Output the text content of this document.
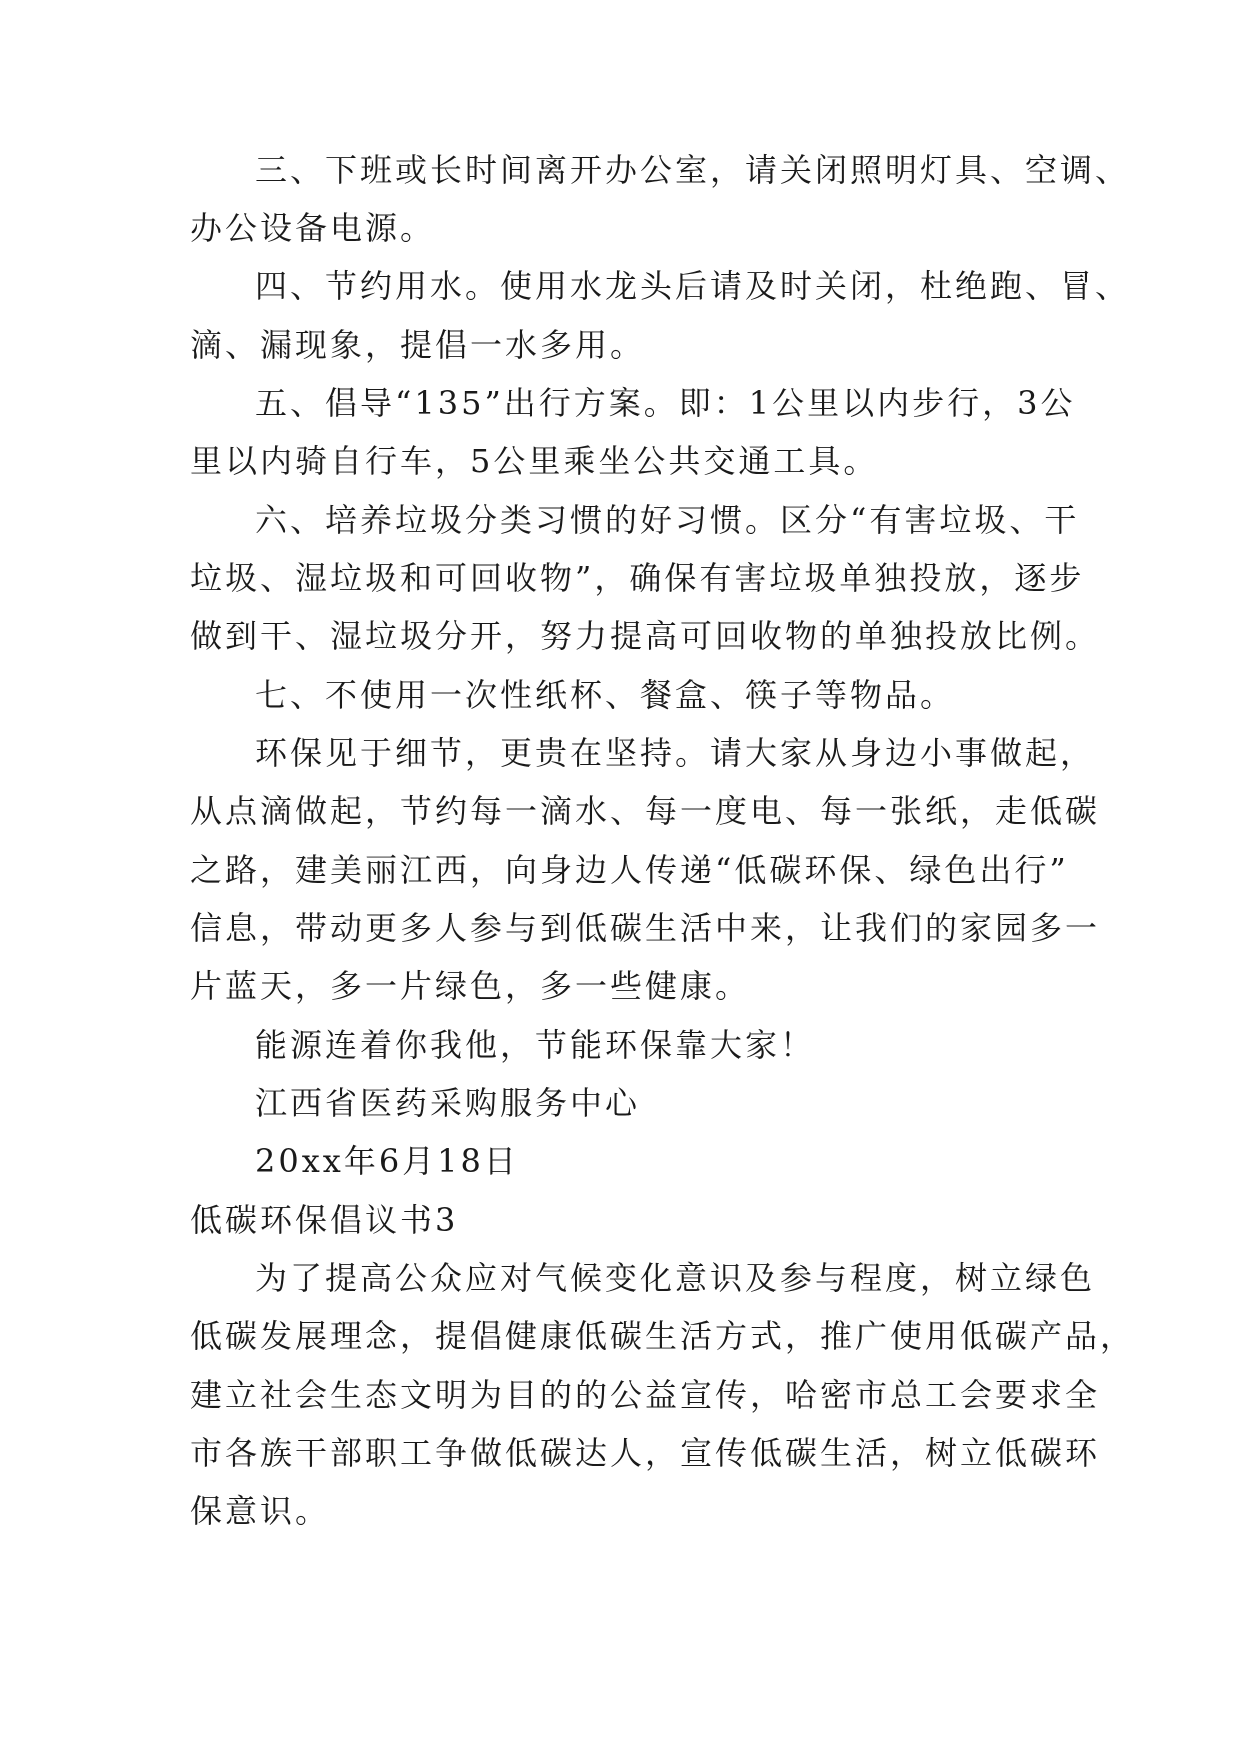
三、下班或长时间离开办公室，请关闭照明灯具、空调、

办公设备电源。

四、节约用水。使用水龙头后请及时关闭，杜绝跑、冒、

滴、漏现象，提倡一水多用。

五、倡导“135”出行方案。即：1公里以内步行，3公

里以内骑自行车，5公里乘坐公共交通工具。

六、培养垃圾分类习惯的好习惯。区分“有害垃圾、干

垃圾、湿垃圾和可回收物”，确保有害垃圾单独投放，逐步

做到干、湿垃圾分开，努力提高可回收物的单独投放比例。

七、不使用一次性纸杯、餐盒、筷子等物品。

环保见于细节，更贵在坚持。请大家从身边小事做起，

从点滴做起，节约每一滴水、每一度电、每一张纸，走低碳

之路，建美丽江西，向身边人传递“低碳环保、绿色出行”

信息，带动更多人参与到低碳生活中来，让我们的家园多一

片蓝天，多一片绿色，多一些健康。

能源连着你我他，节能环保靠大家！

江西省医药采购服务中心

20xx年6月18日

低碳环保倡议书3

为了提高公众应对气候变化意识及参与程度，树立绿色

低碳发展理念，提倡健康低碳生活方式，推广使用低碳产品，

建立社会生态文明为目的的公益宣传，哈密市总工会要求全

市各族干部职工争做低碳达人，宣传低碳生活，树立低碳环

保意识。
